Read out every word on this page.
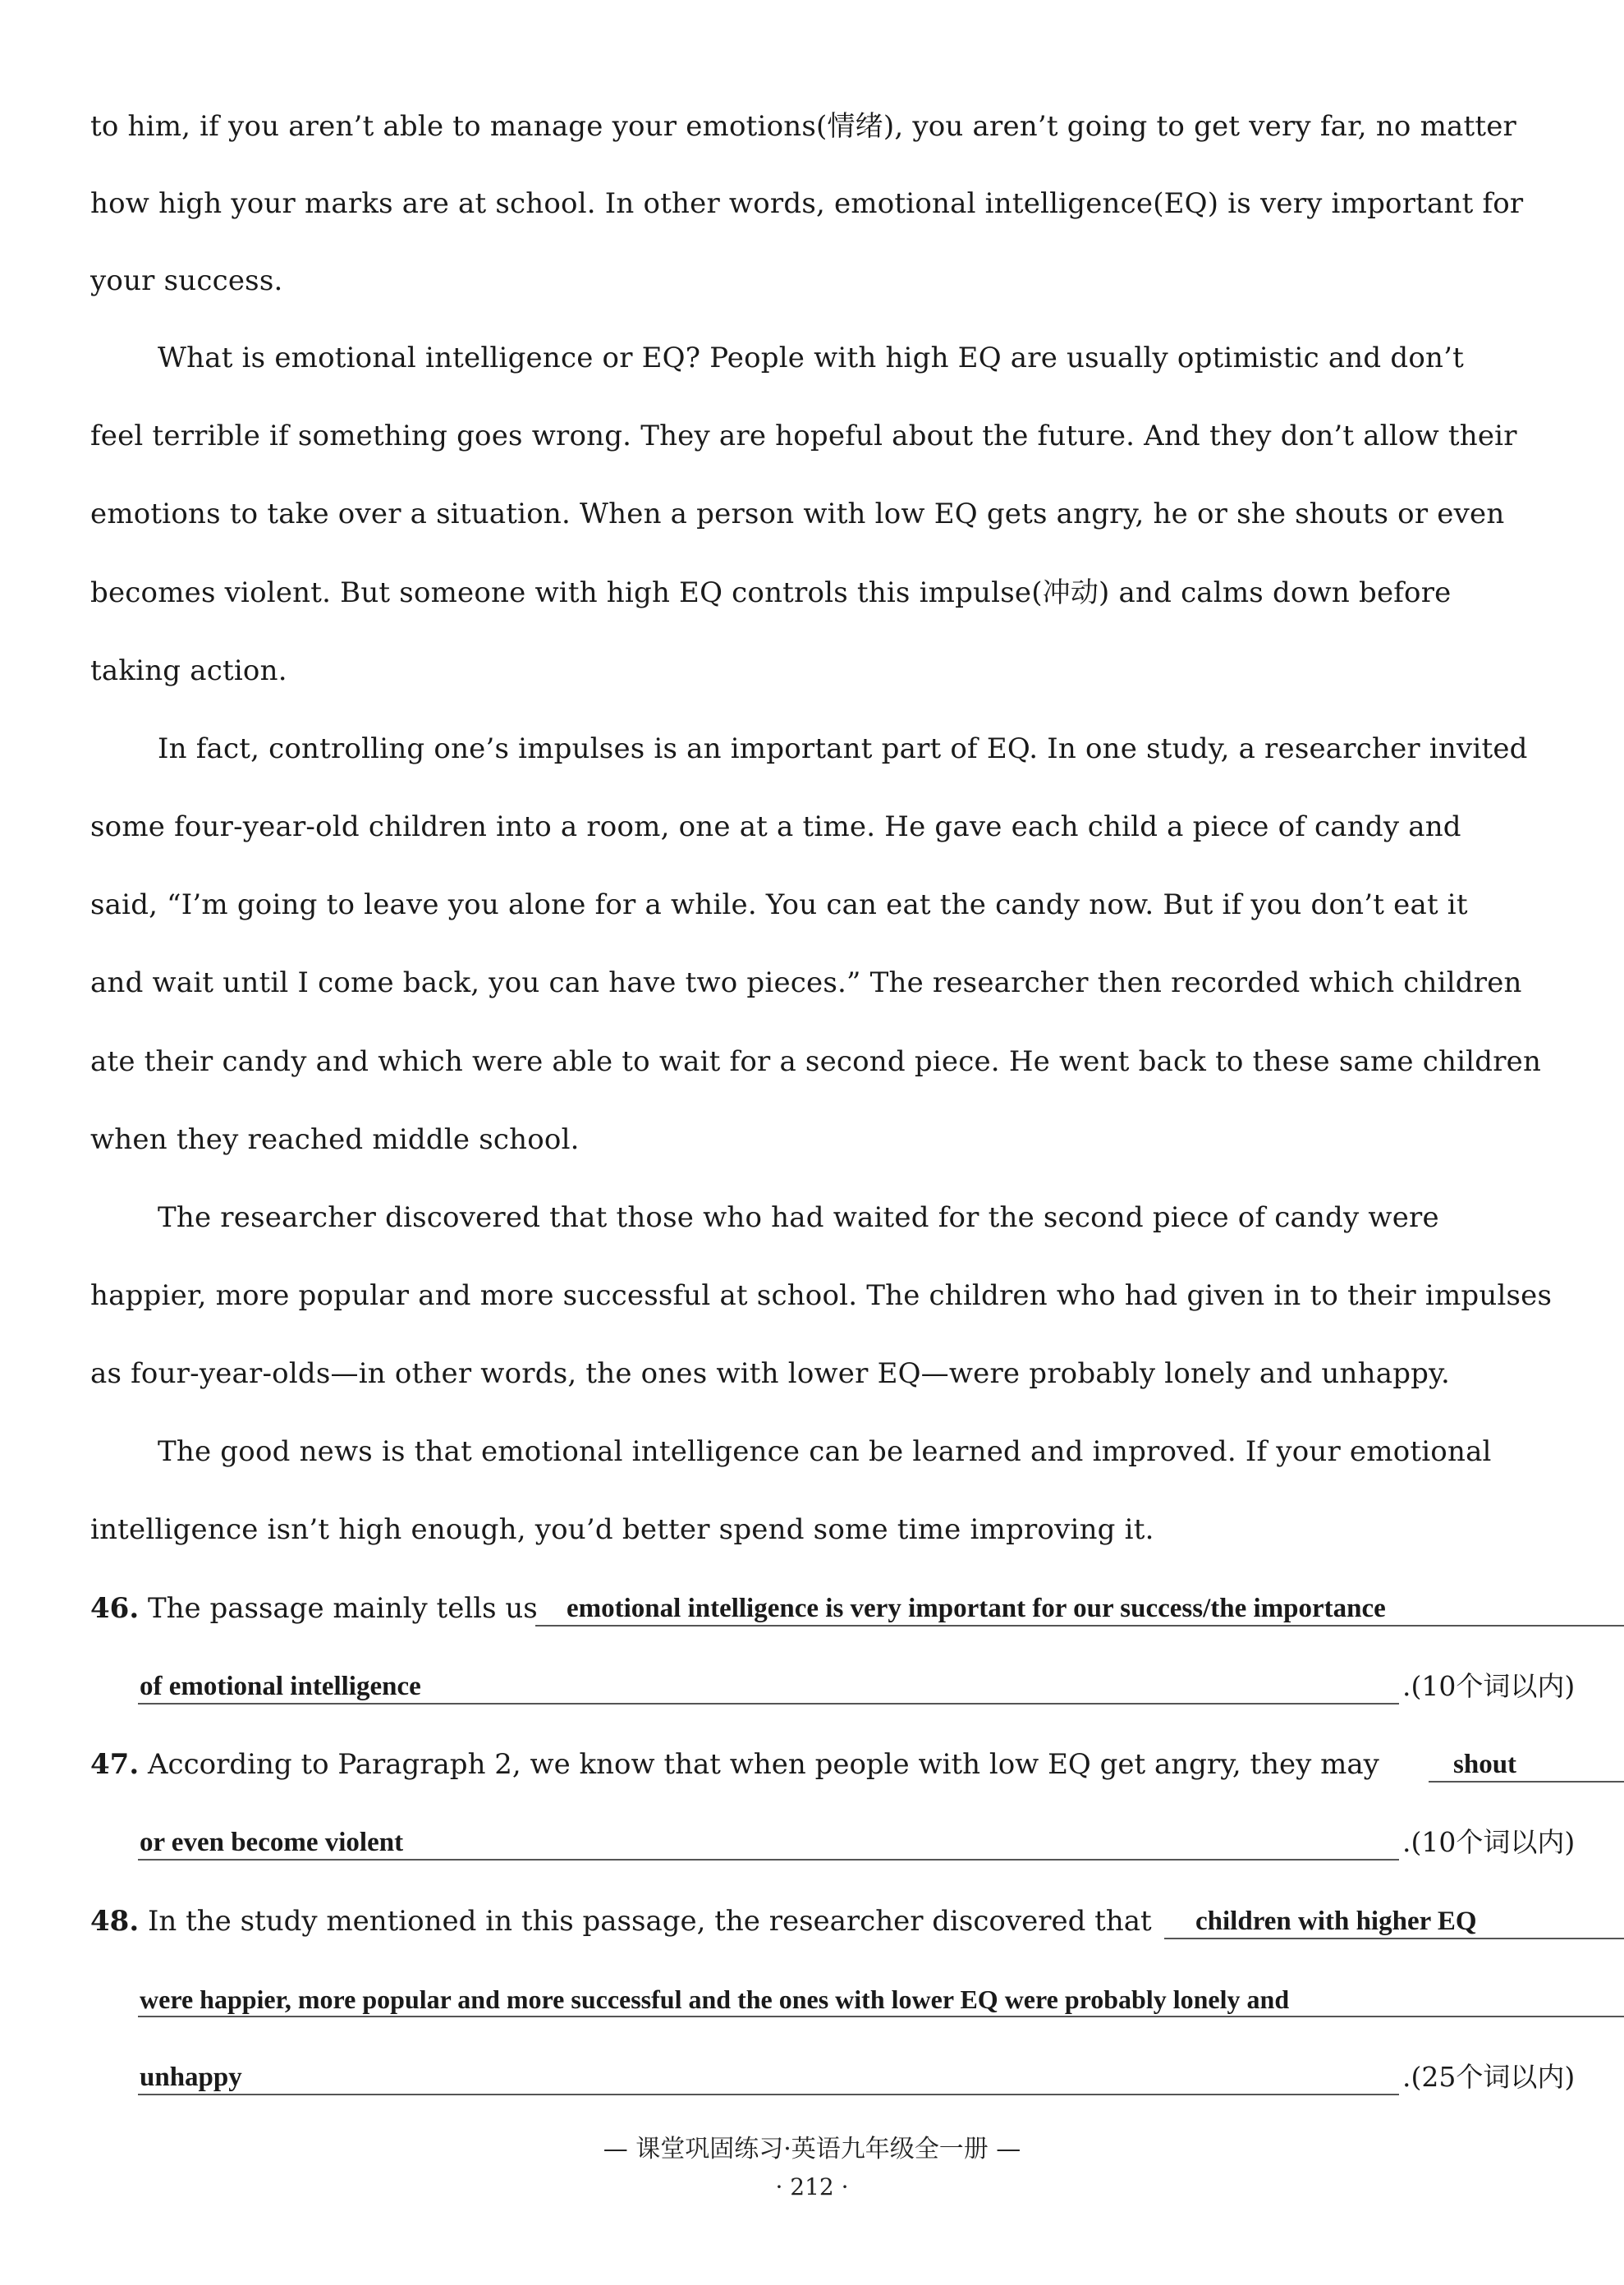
to him, if you aren’t able to manage your emotions(情绪), you aren’t going to get very far, no matter
how high your marks are at school. In other words, emotional intelligence(EQ) is very important for
your success.
What is emotional intelligence or EQ? People with high EQ are usually optimistic and don’t
feel terrible if something goes wrong. They are hopeful about the future. And they don’t allow their
emotions to take over a situation. When a person with low EQ gets angry, he or she shouts or even
becomes violent. But someone with high EQ controls this impulse(冲动) and calms down before
taking action.
In fact, controlling one’s impulses is an important part of EQ. In one study, a researcher invited
some four-year-old children into a room, one at a time. He gave each child a piece of candy and
said, “I’m going to leave you alone for a while. You can eat the candy now. But if you don’t eat it
and wait until I come back, you can have two pieces.” The researcher then recorded which children
ate their candy and which were able to wait for a second piece. He went back to these same children
when they reached middle school.
The researcher discovered that those who had waited for the second piece of candy were
happier, more popular and more successful at school. The children who had given in to their impulses
as four-year-olds—in other words, the ones with lower EQ—were probably lonely and unhappy.
The good news is that emotional intelligence can be learned and improved. If your emotional
intelligence isn’t high enough, you’d better spend some time improving it.
46. The passage mainly tells us	emotional intelligence is very important for our success/the importance
of emotional intelligence	.(10个词以内)
47. According to Paragraph 2, we know that when people with low EQ get angry, they may	shout
or even become violent	.(10个词以内)
48. In the study mentioned in this passage, the researcher discovered that	children with higher EQ
were happier, more popular and more successful and the ones with lower EQ were probably lonely and
unhappy	.(25个词以内)
— 课堂巩固练习·英语九年级全一册 —
· 212 ·
